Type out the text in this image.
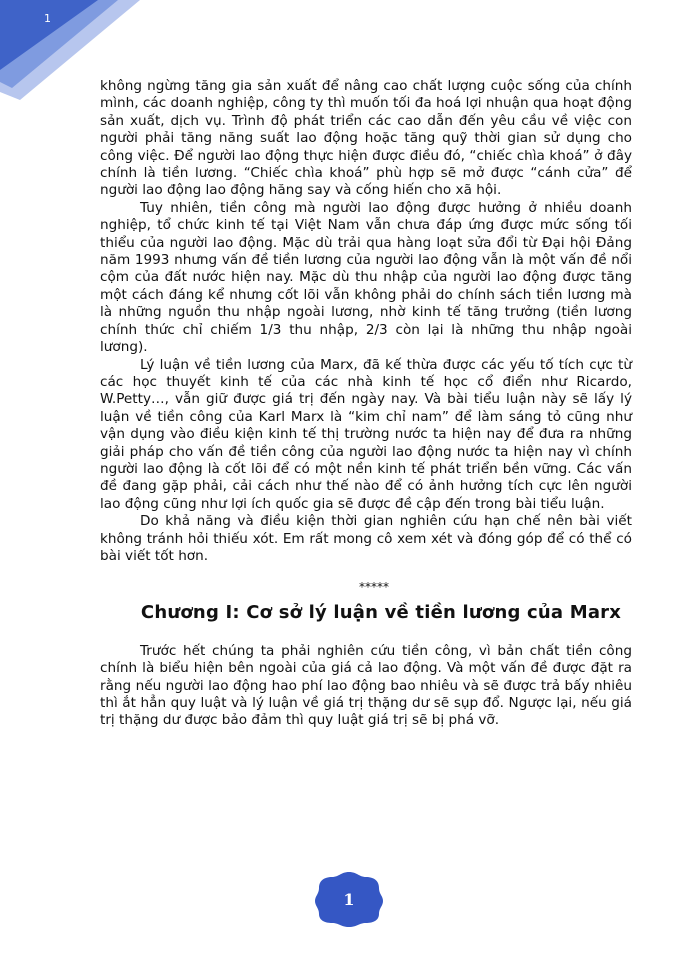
1

không ngừng tăng gia sản xuất để nâng cao chất lượng cuộc sống của chính mình, các doanh nghiệp, công ty thì muốn tối đa hoá lợi nhuận qua hoạt động sản xuất, dịch vụ. Trình độ phát triển các cao dẫn đến yêu cầu về việc con người phải tăng năng suất lao động hoặc tăng quỹ thời gian sử dụng cho công việc. Để người lao động thực hiện được điều đó, “chiếc chìa khoá” ở đây chính là tiền lương. “Chiếc chìa khoá” phù hợp sẽ mở được “cánh cửa” để người lao động lao động hăng say và cống hiến cho xã hội.

Tuy nhiên, tiền công mà người lao động được hưởng ở nhiều doanh nghiệp, tổ chức kinh tế tại Việt Nam vẫn chưa đáp ứng được mức sống tối thiểu của người lao động. Mặc dù trải qua hàng loạt sửa đổi từ Đại hội Đảng năm 1993 nhưng vấn đề tiền lương của người lao động vẫn là một vấn đề nổi cộm của đất nước hiện nay. Mặc dù thu nhập của người lao động được tăng một cách đáng kể nhưng cốt lõi vẫn không phải do chính sách tiền lương mà là những nguồn thu nhập ngoài lương, nhờ kinh tế tăng trưởng (tiền lương chính thức chỉ chiếm 1/3 thu nhập, 2/3 còn lại là những thu nhập ngoài lương).

Lý luận về tiền lương của Marx, đã kế thừa được các yếu tố tích cực từ các học thuyết kinh tế của các nhà kinh tế học cổ điển như Ricardo, W.Petty…, vẫn giữ được giá trị đến ngày nay. Và bài tiểu luận này sẽ lấy lý luận về tiền công của Karl Marx là “kim chỉ nam” để làm sáng tỏ cũng như vận dụng vào điều kiện kinh tế thị trường nước ta hiện nay để đưa ra những giải pháp cho vấn đề tiền công của người lao động nước ta hiện nay vì chính người lao động là cốt lõi để có một nền kinh tế phát triển bền vững. Các vấn đề đang gặp phải, cải cách như thế nào để có ảnh hưởng tích cực lên người lao động cũng như lợi ích quốc gia sẽ được đề cập đến trong bài tiểu luận.

Do khả năng và điều kiện thời gian nghiên cứu hạn chế nên bài viết không tránh hỏi thiếu xót. Em rất mong cô xem xét và đóng góp để có thể có bài viết tốt hơn.

*****
Chương I: Cơ sở lý luận về tiền lương của Marx

Trước hết chúng ta phải nghiên cứu tiền công, vì bản chất tiền công chính là biểu hiện bên ngoài của giá cả lao động. Và một vấn đề được đặt ra rằng nếu người lao động hao phí lao động bao nhiêu và sẽ được trả bấy nhiêu thì ắt hẳn quy luật và lý luận về giá trị thặng dư sẽ sụp đổ. Ngược lại, nếu giá trị thặng dư được bảo đảm thì quy luật giá trị sẽ bị phá vỡ.

1
